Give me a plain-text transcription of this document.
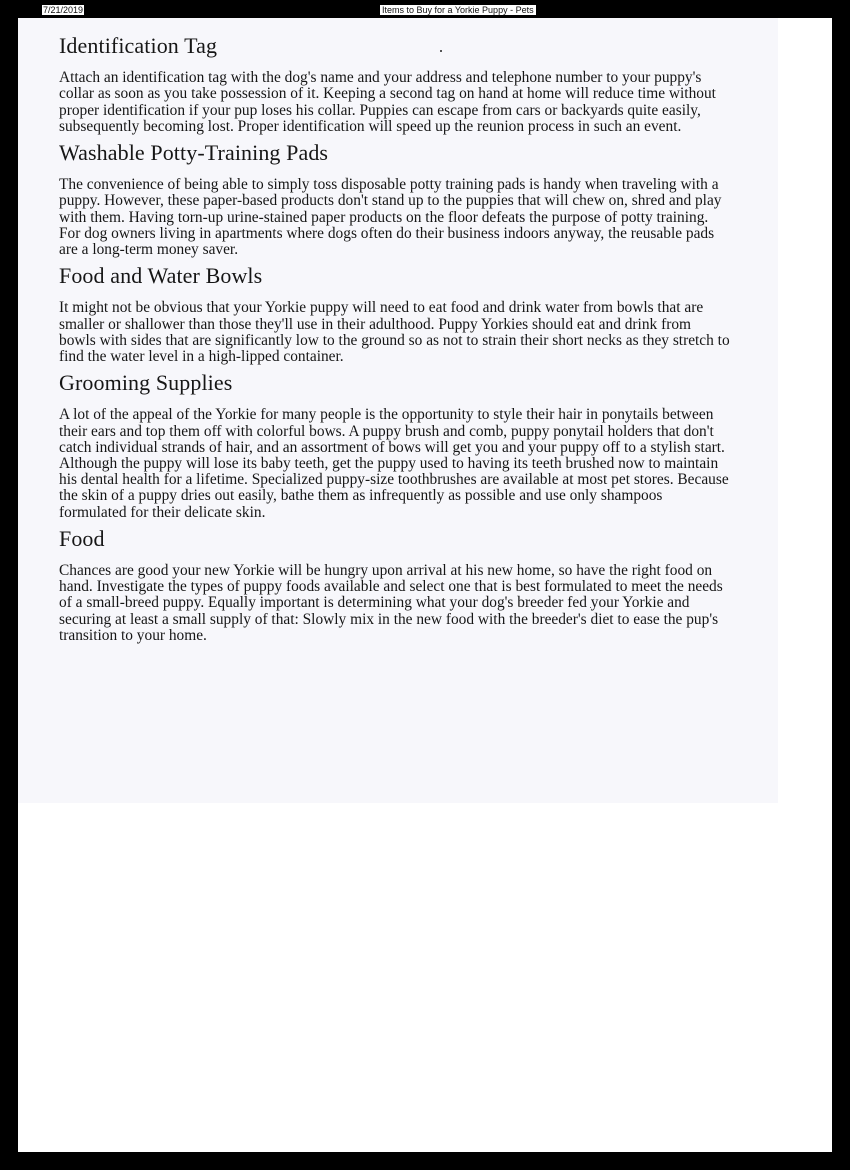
7/21/2019	Items to Buy for a Yorkie Puppy - Pets
Identification Tag

Attach an identification tag with the dog's name and your address and telephone number to your puppy's collar as soon as you take possession of it. Keeping a second tag on hand at home will reduce time without proper identification if your pup loses his collar. Puppies can escape from cars or backyards quite easily, subsequently becoming lost. Proper identification will speed up the reunion process in such an event.

Washable Potty-Training Pads

The convenience of being able to simply toss disposable potty training pads is handy when traveling with a puppy. However, these paper-based products don't stand up to the puppies that will chew on, shred and play with them. Having torn-up urine-stained paper products on the floor defeats the purpose of potty training. For dog owners living in apartments where dogs often do their business indoors anyway, the reusable pads are a long-term money saver.

Food and Water Bowls

It might not be obvious that your Yorkie puppy will need to eat food and drink water from bowls that are smaller or shallower than those they'll use in their adulthood. Puppy Yorkies should eat and drink from bowls with sides that are significantly low to the ground so as not to strain their short necks as they stretch to find the water level in a high-lipped container.

Grooming Supplies

A lot of the appeal of the Yorkie for many people is the opportunity to style their hair in ponytails between their ears and top them off with colorful bows. A puppy brush and comb, puppy ponytail holders that don't catch individual strands of hair, and an assortment of bows will get you and your puppy off to a stylish start. Although the puppy will lose its baby teeth, get the puppy used to having its teeth brushed now to maintain his dental health for a lifetime. Specialized puppy-size toothbrushes are available at most pet stores. Because the skin of a puppy dries out easily, bathe them as infrequently as possible and use only shampoos formulated for their delicate skin.

Food

Chances are good your new Yorkie will be hungry upon arrival at his new home, so have the right food on hand. Investigate the types of puppy foods available and select one that is best formulated to meet the needs of a small-breed puppy. Equally important is determining what your dog's breeder fed your Yorkie and securing at least a small supply of that: Slowly mix in the new food with the breeder's diet to ease the pup's transition to your home.
